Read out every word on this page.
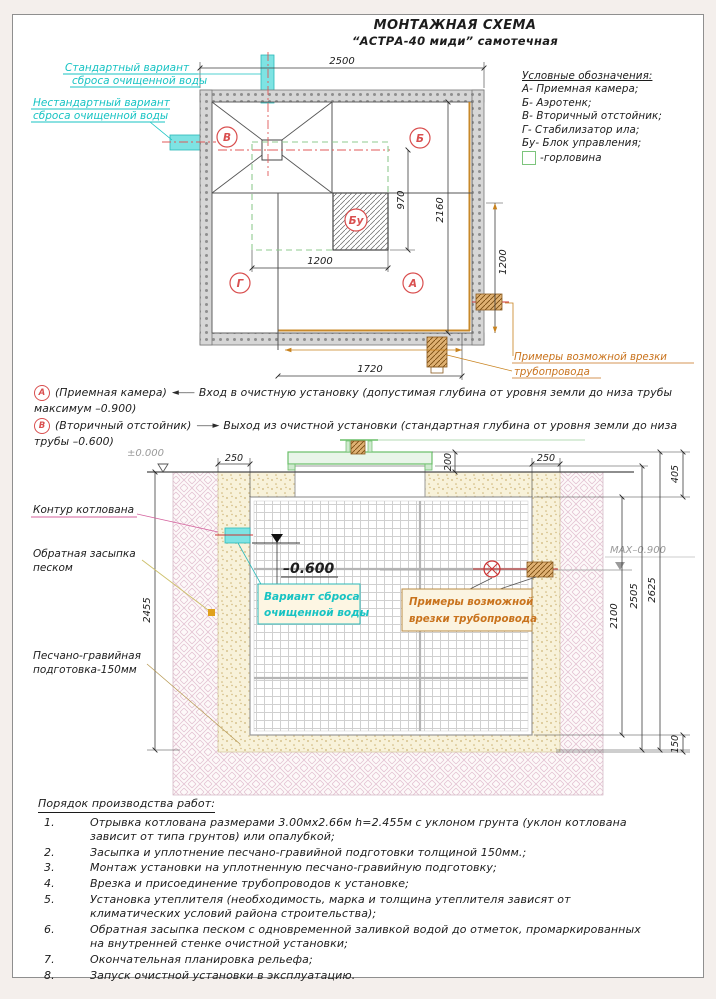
МОНТАЖНАЯ СХЕМА
“АСТРА-40 миди” самотечная
Условные обозначения:
А- Приемная камера;
Б- Аэротенк;
В- Вторичный отстойник;
Г- Стабилизатор ила;
Бу- Блок управления;
-горловина
В	Б
Г	А
Бу
2500
1200
970	2160
1200
1720
Стандартный вариант
сброса очищенной воды
Нестандартный вариант
сброса очищенной воды
Примеры возможной врезки
трубопровода
А (Приемная камера) ◄—— Вход в очистную установку (допустимая глубина от уровня земли до низа трубы
максимум –0.900)
В (Вторичный отстойник) ——► Выход из очистной установки (стандартная глубина от уровня земли до низа
трубы –0.600)
±0.000
–0.600
Вариант сброса
очищенной воды
MAX–0.900
Примеры возможной
врезки трубопровода
250	200	250
405
2455	2100
2505 2625
150
Контур котлована
Обратная засыпка
песком
Песчано-гравийная
подготовка-150мм
Порядок производства работ:
1.	Отрывка котлована размерами 3.00мх2.66м h=2.455м с уклоном грунта (уклон котлована зависит от типа грунтов) или опалубкой;
2.	Засыпка и уплотнение песчано-гравийной подготовки толщиной 150мм.;
3.	Монтаж установки на уплотненную песчано-гравийную подготовку;
4.	Врезка и присоединение трубопроводов к установке;
5.	Установка утеплителя (необходимость, марка и толщина утеплителя зависят от климатических условий района строительства);
6.	Обратная засыпка песком с одновременной заливкой водой до отметок, промаркированных на внутренней стенке очистной установки;
7.	Окончательная планировка рельефа;
8.	Запуск очистной установки в эксплуатацию.
